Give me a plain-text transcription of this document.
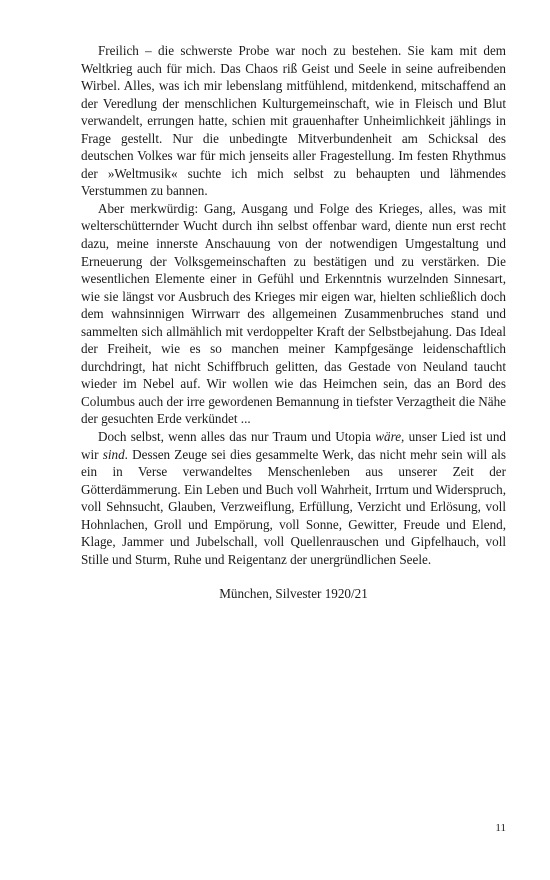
Freilich – die schwerste Probe war noch zu bestehen. Sie kam mit dem Weltkrieg auch für mich. Das Chaos riß Geist und Seele in seine aufreibenden Wirbel. Alles, was ich mir lebenslang mitfühlend, mitdenkend, mitschaffend an der Veredlung der menschlichen Kulturgemeinschaft, wie in Fleisch und Blut verwandelt, errungen hatte, schien mit grauenhafter Unheimlichkeit jählings in Frage gestellt. Nur die unbedingte Mitverbundenheit am Schicksal des deutschen Volkes war für mich jenseits aller Fragestellung. Im festen Rhythmus der »Weltmusik« suchte ich mich selbst zu behaupten und lähmendes Verstummen zu bannen.

Aber merkwürdig: Gang, Ausgang und Folge des Krieges, alles, was mit welterschütternder Wucht durch ihn selbst offenbar ward, diente nun erst recht dazu, meine innerste Anschauung von der notwendigen Umgestaltung und Erneuerung der Volksgemeinschaften zu bestätigen und zu verstärken. Die wesentlichen Elemente einer in Gefühl und Erkenntnis wurzelnden Sinnesart, wie sie längst vor Ausbruch des Krieges mir eigen war, hielten schließlich doch dem wahnsinnigen Wirrwarr des allgemeinen Zusammenbruches stand und sammelten sich allmählich mit verdoppelter Kraft der Selbstbejahung. Das Ideal der Freiheit, wie es so manchen meiner Kampfgesänge leidenschaftlich durchdringt, hat nicht Schiffbruch gelitten, das Gestade von Neuland taucht wieder im Nebel auf. Wir wollen wie das Heimchen sein, das an Bord des Columbus auch der irre gewordenen Bemannung in tiefster Verzagtheit die Nähe der gesuchten Erde verkündet ...

Doch selbst, wenn alles das nur Traum und Utopia wäre, unser Lied ist und wir sind. Dessen Zeuge sei dies gesammelte Werk, das nicht mehr sein will als ein in Verse verwandeltes Menschenleben aus unserer Zeit der Götterdämmerung. Ein Leben und Buch voll Wahrheit, Irrtum und Widerspruch, voll Sehnsucht, Glauben, Verzweiflung, Erfüllung, Verzicht und Erlösung, voll Hohnlachen, Groll und Empörung, voll Sonne, Gewitter, Freude und Elend, Klage, Jammer und Jubelschall, voll Quellenrauschen und Gipfelhauch, voll Stille und Sturm, Ruhe und Reigentanz der unergründlichen Seele.

München, Silvester 1920/21

11
